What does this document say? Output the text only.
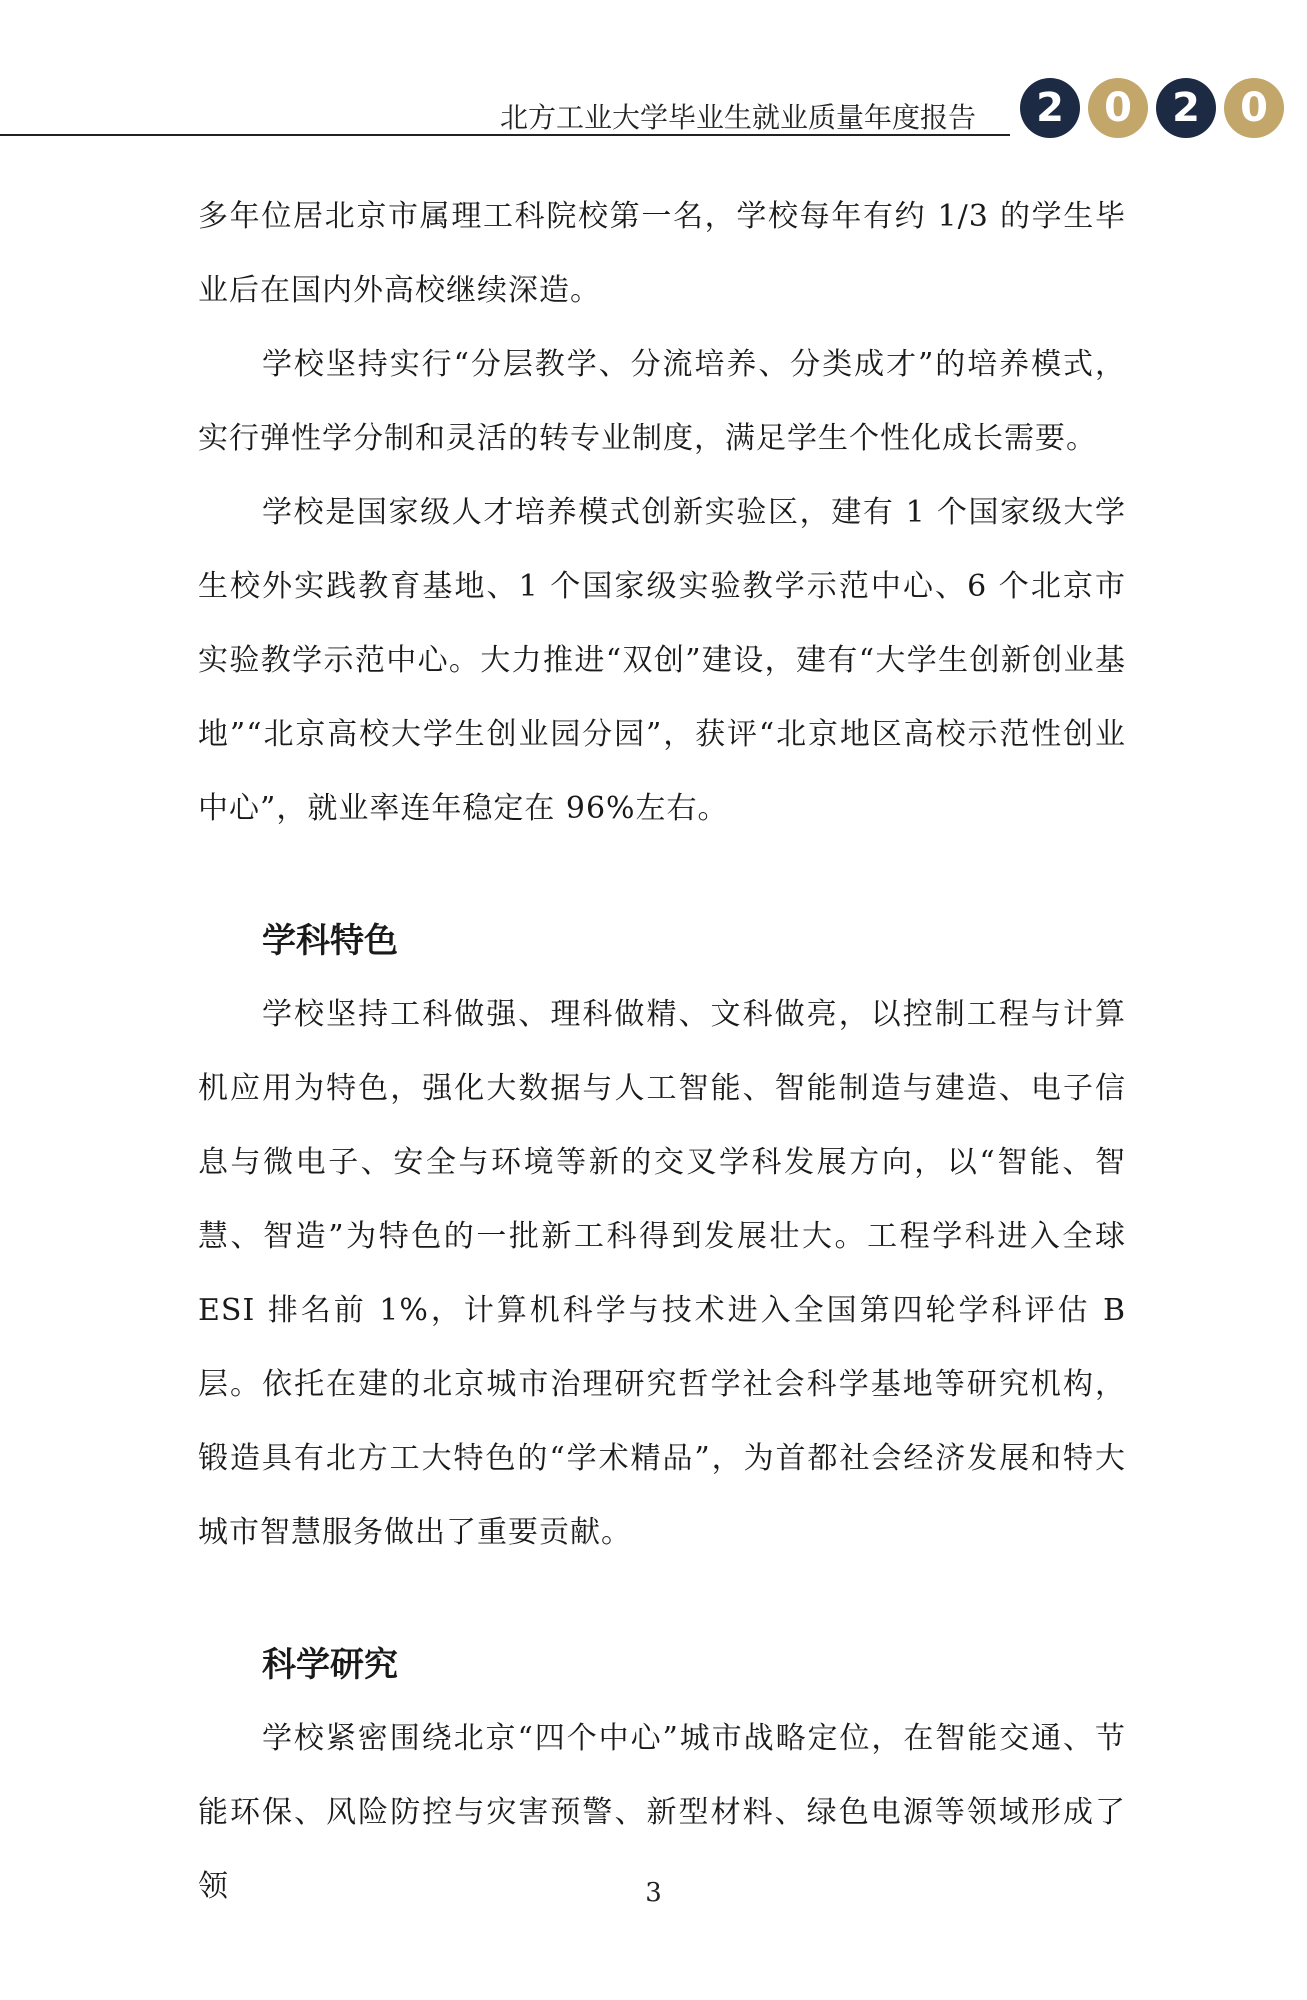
北方工业大学毕业生就业质量年度报告	2	0	2	0

多年位居北京市属理工科院校第一名，学校每年有约 1/3 的学生毕业后在国内外高校继续深造。

学校坚持实行“分层教学、分流培养、分类成才”的培养模式，实行弹性学分制和灵活的转专业制度，满足学生个性化成长需要。

学校是国家级人才培养模式创新实验区，建有 1 个国家级大学生校外实践教育基地、1 个国家级实验教学示范中心、6 个北京市实验教学示范中心。大力推进“双创”建设，建有“大学生创新创业基地”“北京高校大学生创业园分园”，获评“北京地区高校示范性创业中心”，就业率连年稳定在 96%左右。

学科特色

学校坚持工科做强、理科做精、文科做亮，以控制工程与计算机应用为特色，强化大数据与人工智能、智能制造与建造、电子信息与微电子、安全与环境等新的交叉学科发展方向，以“智能、智慧、智造”为特色的一批新工科得到发展壮大。工程学科进入全球 ESI 排名前 1%，计算机科学与技术进入全国第四轮学科评估 B 层。依托在建的北京城市治理研究哲学社会科学基地等研究机构，锻造具有北方工大特色的“学术精品”，为首都社会经济发展和特大城市智慧服务做出了重要贡献。

科学研究

学校紧密围绕北京“四个中心”城市战略定位，在智能交通、节能环保、风险防控与灾害预警、新型材料、绿色电源等领域形成了领	3
